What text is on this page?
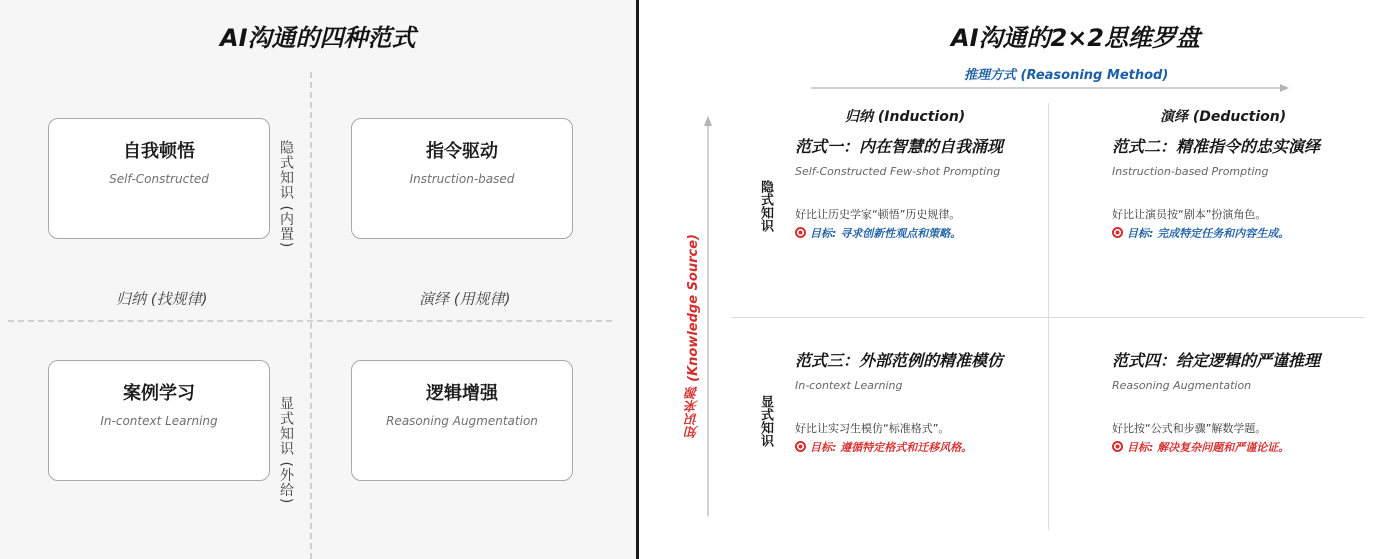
AI沟通的四种范式
自我顿悟
Self-Constructed
指令驱动
Instruction-based
案例学习
In-context Learning
逻辑增强
Reasoning Augmentation
隐式知识 (内置)
显式知识 (外给)
归纳 (找规律)	演绎 (用规律)
AI沟通的2×2思维罗盘
推理方式 (Reasoning Method)
知识来源 (Knowledge Source)
归纳 (Induction)	演绎 (Deduction)
隐式知识
显式知识
范式一：内在智慧的自我涌现
Self-Constructed Few-shot Prompting
好比让历史学家“顿悟”历史规律。
目标: 寻求创新性观点和策略。
范式二：精准指令的忠实演绎
Instruction-based Prompting
好比让演员按“剧本”扮演角色。
目标: 完成特定任务和内容生成。
范式三：外部范例的精准模仿
In-context Learning
好比让实习生模仿“标准格式”。
目标: 遵循特定格式和迁移风格。
范式四：给定逻辑的严谨推理
Reasoning Augmentation
好比按“公式和步骤”解数学题。
目标: 解决复杂问题和严谨论证。
